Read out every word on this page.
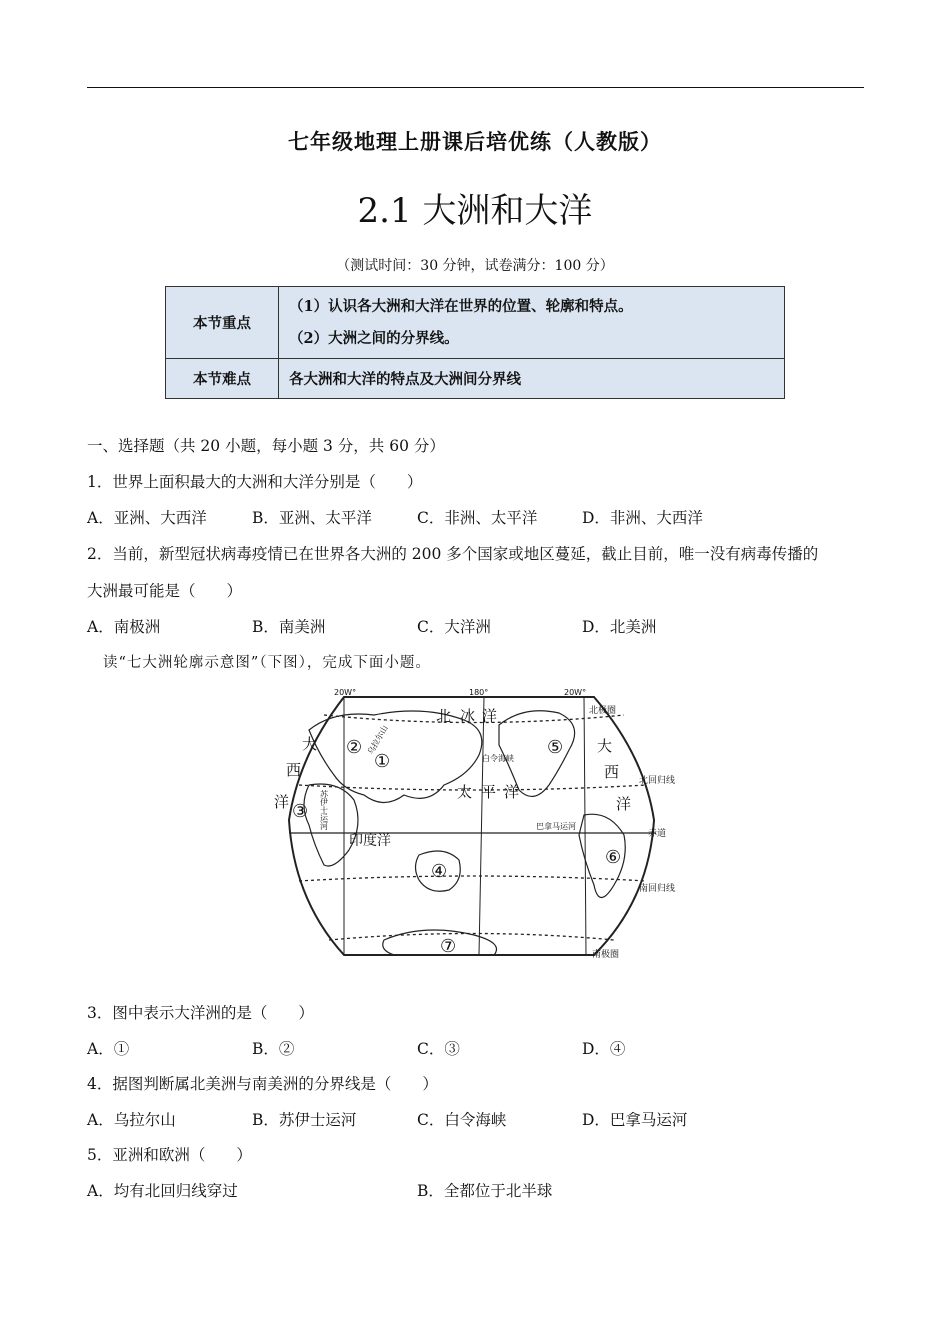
七年级地理上册课后培优练（人教版）
2.1 大洲和大洋
（测试时间：30 分钟，试卷满分：100 分）
本节重点	（1）认识各大洲和大洋在世界的位置、轮廓和特点。
（2）大洲之间的分界线。

本节难点	各大洲和大洋的特点及大洲间分界线
一、选择题（共 20 小题，每小题 3 分，共 60 分）
1．世界上面积最大的大洲和大洋分别是（　　）
A．亚洲、大西洋	B．亚洲、太平洋	C．非洲、太平洋	D．非洲、大西洋
2．当前，新型冠状病毒疫情已在世界各大洲的 200 多个国家或地区蔓延，截止目前，唯一没有病毒传播的
大洲最可能是（　　）
A．南极洲	B．南美洲	C．大洋洲	D．北美洲
读“七大洲轮廓示意图”（下图），完成下面小题。
20W°	180°	20W°
北极圈
北回归线
赤道
南回归线
南极圈
北 冰 洋
太 平 洋
印度洋
大
西
洋
大
西
洋
白令海峡
巴拿马运河
苏
伊
士
运
河
乌拉尔山
①
②
③
④
⑤
⑥
⑦
3．图中表示大洋洲的是（　　）
A．①	B．②	C．③	D．④
4．据图判断属北美洲与南美洲的分界线是（　　）
A．乌拉尔山	B．苏伊士运河	C．白令海峡	D．巴拿马运河
5．亚洲和欧洲（　　）
A．均有北回归线穿过	B．全都位于北半球
